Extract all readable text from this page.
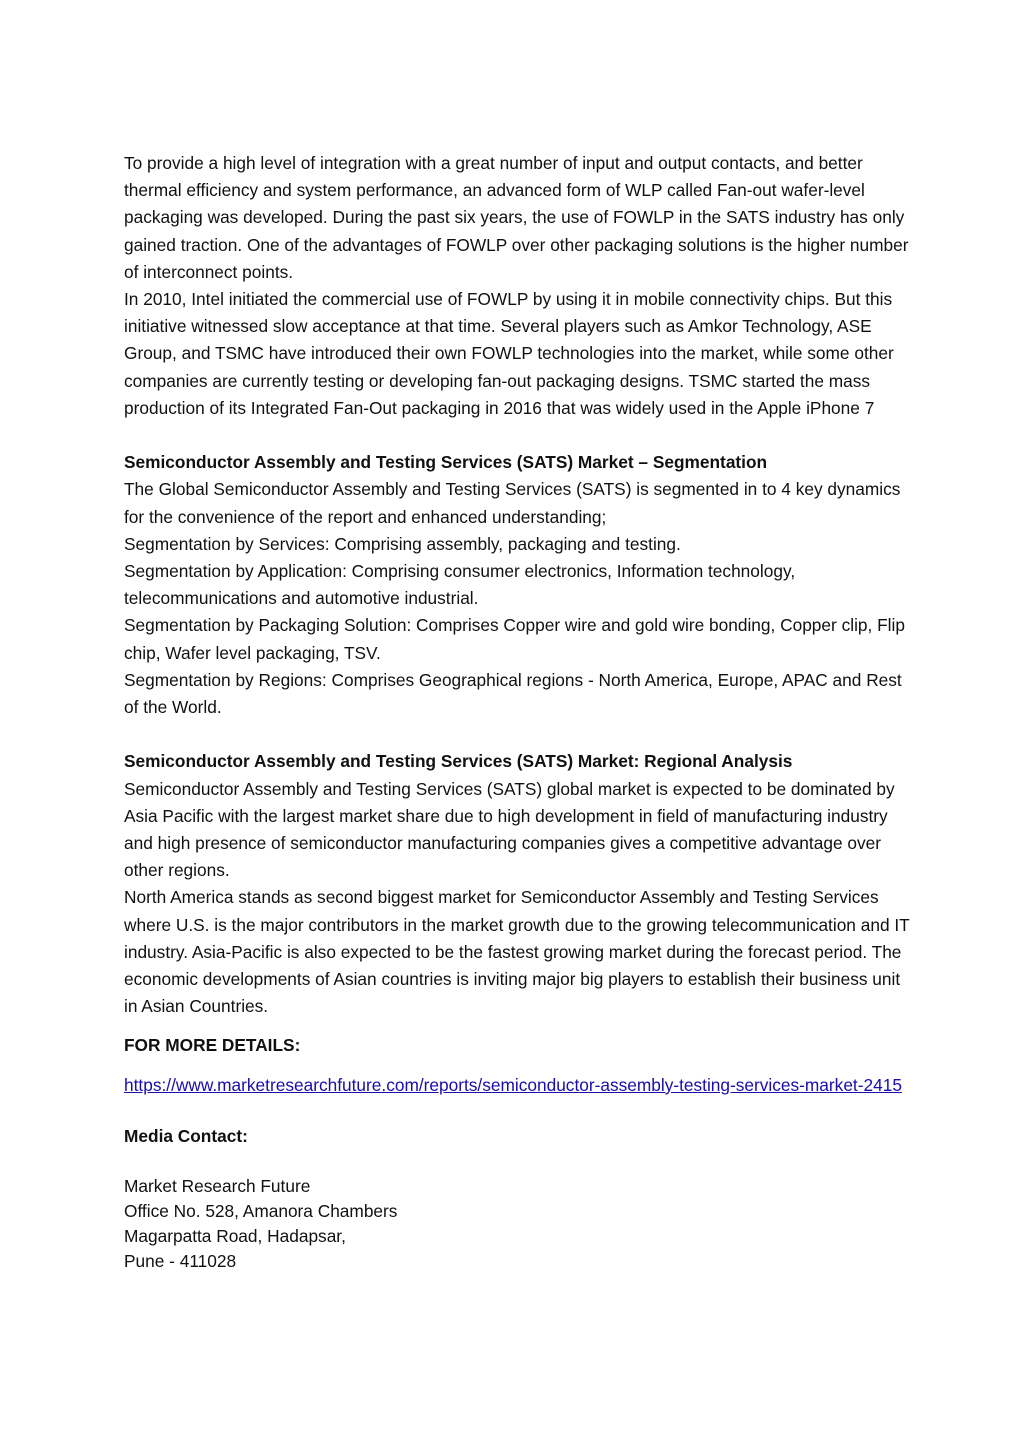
To provide a high level of integration with a great number of input and output contacts, and better thermal efficiency and system performance, an advanced form of WLP called Fan-out wafer-level packaging was developed. During the past six years, the use of FOWLP in the SATS industry has only gained traction. One of the advantages of FOWLP over other packaging solutions is the higher number of interconnect points.

In 2010, Intel initiated the commercial use of FOWLP by using it in mobile connectivity chips. But this initiative witnessed slow acceptance at that time. Several players such as Amkor Technology, ASE Group, and TSMC have introduced their own FOWLP technologies into the market, while some other companies are currently testing or developing fan-out packaging designs. TSMC started the mass production of its Integrated Fan-Out packaging in 2016 that was widely used in the Apple iPhone 7

Semiconductor Assembly and Testing Services (SATS) Market – Segmentation

The Global Semiconductor Assembly and Testing Services (SATS) is segmented in to 4 key dynamics for the convenience of the report and enhanced understanding;

Segmentation by Services: Comprising assembly, packaging and testing.

Segmentation by Application: Comprising consumer electronics, Information technology, telecommunications and automotive industrial.

Segmentation by Packaging Solution: Comprises Copper wire and gold wire bonding, Copper clip, Flip chip, Wafer level packaging, TSV.

Segmentation by Regions: Comprises Geographical regions - North America, Europe, APAC and Rest of the World.

Semiconductor Assembly and Testing Services (SATS) Market: Regional Analysis

Semiconductor Assembly and Testing Services (SATS) global market is expected to be dominated by Asia Pacific with the largest market share due to high development in field of manufacturing industry and high presence of semiconductor manufacturing companies gives a competitive advantage over other regions.

North America stands as second biggest market for Semiconductor Assembly and Testing Services where U.S. is the major contributors in the market growth due to the growing telecommunication and IT industry. Asia-Pacific is also expected to be the fastest growing market during the forecast period. The economic developments of Asian countries is inviting major big players to establish their business unit in Asian Countries.

FOR MORE DETAILS:

https://www.marketresearchfuture.com/reports/semiconductor-assembly-testing-services-market-2415

Media Contact:

Market Research Future

Office No. 528, Amanora Chambers

Magarpatta Road, Hadapsar,

Pune - 411028
